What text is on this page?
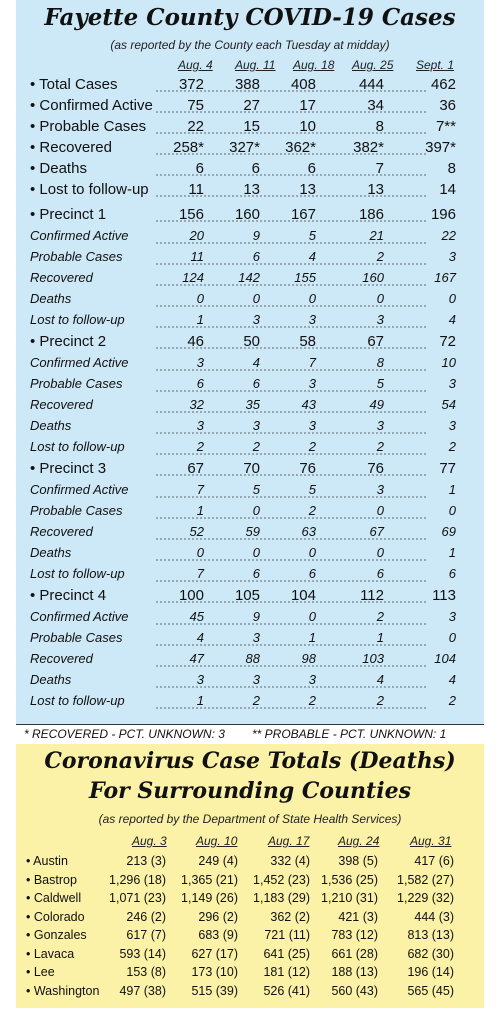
Fayette County COVID-19 Cases
(as reported by the County each Tuesday at midday)
Aug. 4 Aug. 11 Aug. 18 Aug. 25 Sept. 1
• Total Cases	372 388 408	444	462
• Confirmed Active 75	27	17	34	36
• Probable Cases	22	15	10	8	7**
• Recovered	258* 327* 362* 382*	397*
• Deaths	6	6	6	7	8
• Lost to follow-up	11	13	13	13	14
• Precinct 1	156 160 167	186	196
Confirmed Active	20	9	5	21	22
Probable Cases	11	6	4	2	3
Recovered	124	142	155	160	167
Deaths	0	0	0	0	0
Lost to follow-up	1	3	3	3	4
• Precinct 2	46	50	58	67	72
Confirmed Active	3	4	7	8	10
Probable Cases	6	6	3	5	3
Recovered	32	35	43	49	54
Deaths	3	3	3	3	3
Lost to follow-up	2	2	2	2	2
• Precinct 3	67	70	76	76	77
Confirmed Active	7	5	5	3	1
Probable Cases	1	0	2	0	0
Recovered	52	59	63	67	69
Deaths	0	0	0	0	1
Lost to follow-up	7	6	6	6	6
• Precinct 4	100 105 104	112	113
Confirmed Active	45	9	0	2	3
Probable Cases	4	3	1	1	0
Recovered	47	88	98	103	104
Deaths	3	3	3	4	4
Lost to follow-up	1	2	2	2	2
* RECOVERED - PCT. UNKNOWN: 3 ** PROBABLE - PCT. UNKNOWN: 1
Coronavirus Case Totals (Deaths)
For Surrounding Counties
(as reported by the Department of State Health Services)
Aug. 3 Aug. 10	Aug. 17 Aug. 24	Aug. 31
• Austin	213 (3)	249 (4)	332 (4) 398 (5)	417 (6)
• Bastrop	1,296 (18) 1,365 (21) 1,452 (23) 1,536 (25) 1,582 (27)
• Caldwell 1,071 (23) 1,149 (26) 1,183 (29) 1,210 (31) 1,229 (32)
• Colorado	246 (2)	296 (2)	362 (2) 421 (3)	444 (3)
• Gonzales	617 (7)	683 (9) 721 (11) 783 (12) 813 (13)
• Lavaca	593 (14) 627 (17) 641 (25) 661 (28) 682 (30)
• Lee	153 (8) 173 (10) 181 (12) 188 (13) 196 (14)
• Washington 497 (38) 515 (39) 526 (41) 560 (43) 565 (45)
